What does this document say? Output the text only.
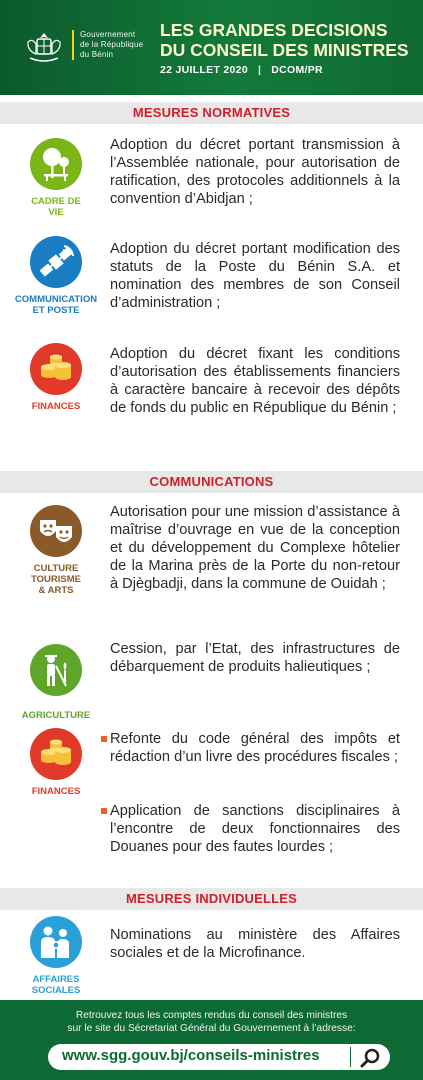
Gouvernement
de la République
du Bénin
LES GRANDES DECISIONS
DU CONSEIL DES MINISTRES
22 JUILLET 2020 | DCOM/PR
MESURES NORMATIVES
CADRE DE
VIE
Adoption du décret portant transmission à l’Assemblée nationale, pour autorisation de ratification, des protocoles additionnels à la convention d’Abidjan ;
COMMUNICATION
ET POSTE
Adoption du décret portant modification des statuts de la Poste du Bénin S.A. et nomination des membres de son Conseil d’administration ;
FINANCES
Adoption du décret fixant les conditions d’autorisation des établissements financiers à caractère bancaire à recevoir des dépôts de fonds du public en République du Bénin ;
COMMUNICATIONS
CULTURE
TOURISME
& ARTS
Autorisation pour une mission d’assistance à maîtrise d’ouvrage en vue de la conception et du développement du Complexe hôtelier de la Marina près de la Porte du non-retour à Djègbadji, dans la commune de Ouidah ;
AGRICULTURE
Cession, par l’Etat, des infrastructures de débarquement de produits halieutiques ;
FINANCES
Refonte du code général des impôts et rédaction d’un livre des procédures fiscales ;
Application de sanctions disciplinaires à l’encontre de deux fonctionnaires des Douanes pour des fautes lourdes ;
MESURES INDIVIDUELLES
AFFAIRES
SOCIALES
Nominations au ministère des Affaires sociales et de la Microfinance.
Retrouvez tous les comptes rendus du conseil des ministres
sur le site du Sécretariat Général du Gouvernement à l’adresse:
www.sgg.gouv.bj/conseils-ministres
